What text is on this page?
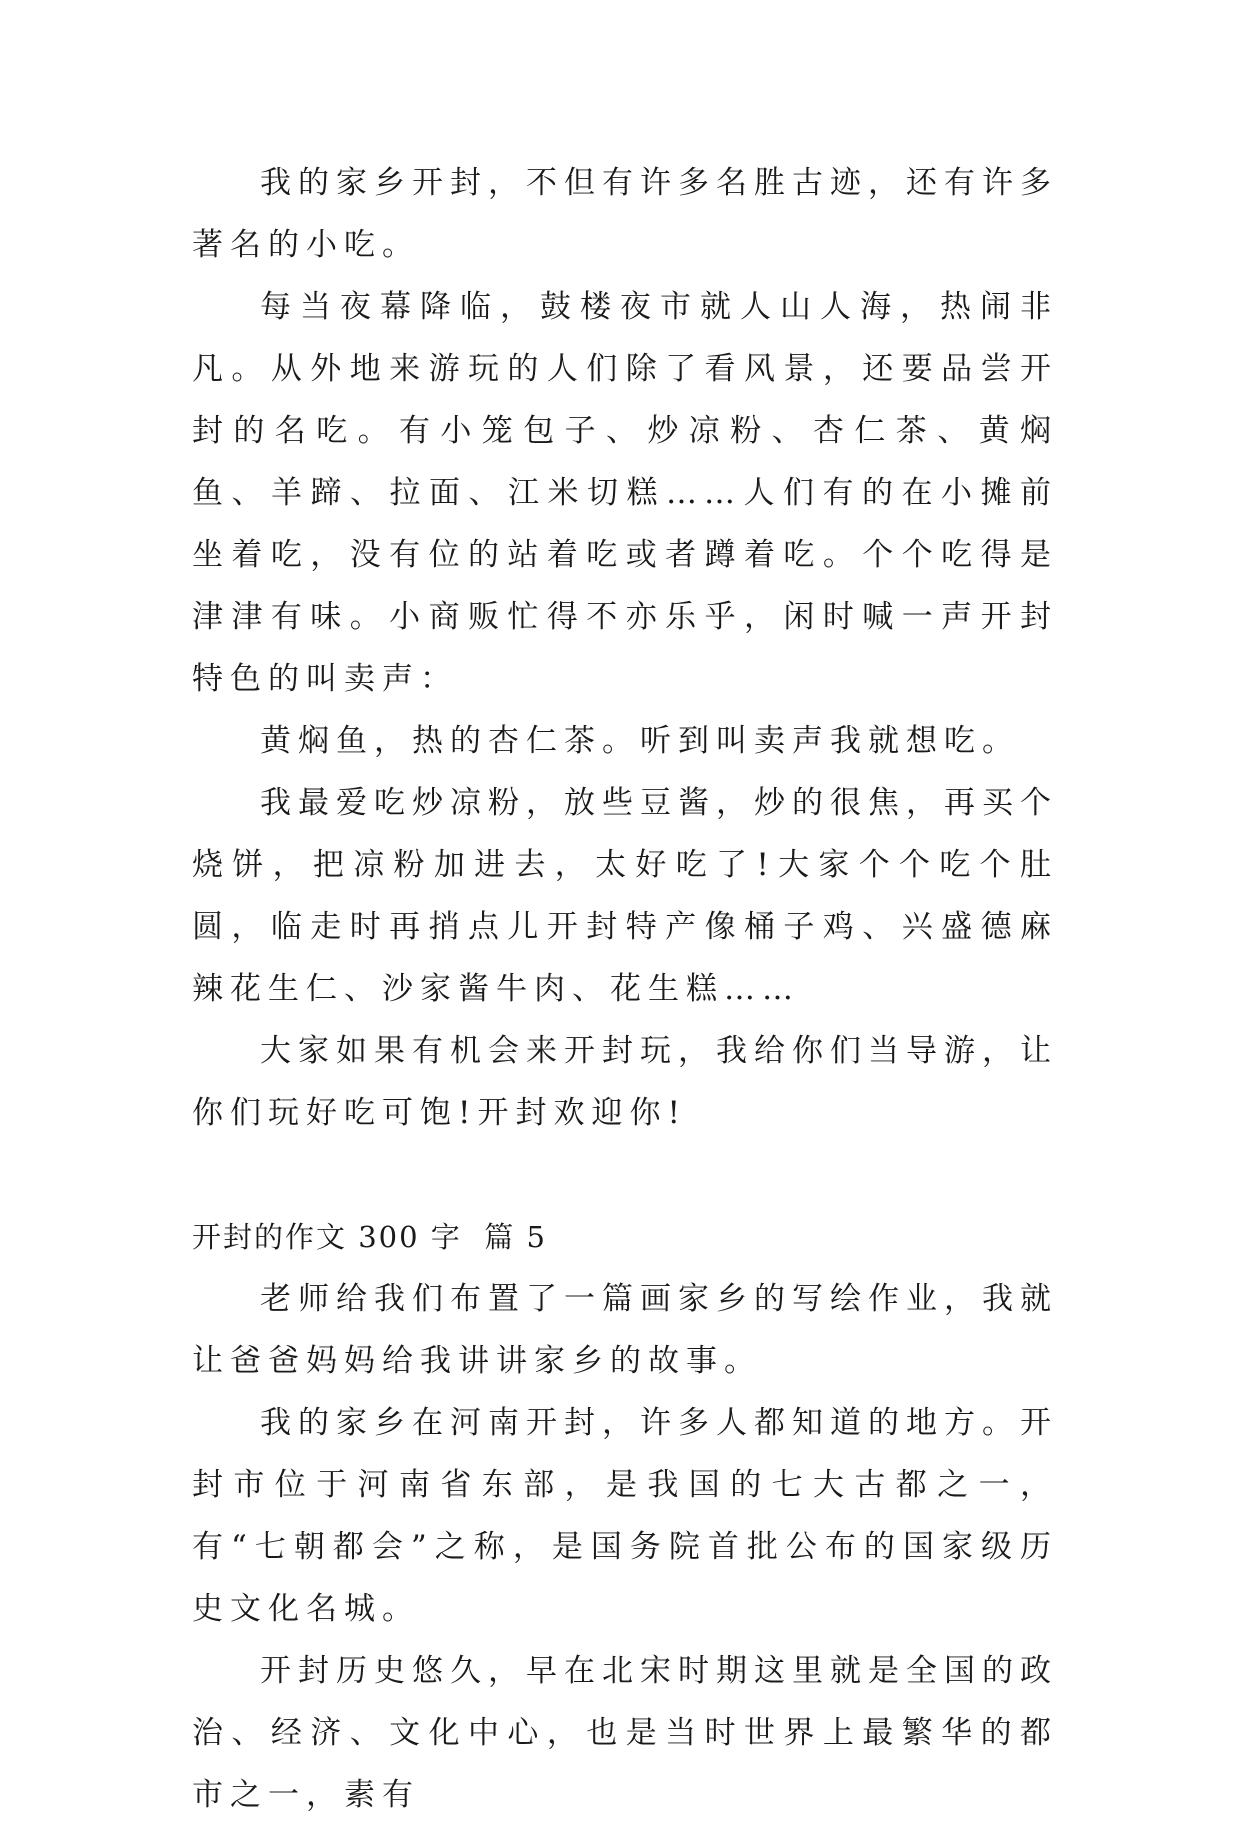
我的家乡开封，不但有许多名胜古迹，还有许多著名的小吃。

每当夜幕降临，鼓楼夜市就人山人海，热闹非凡。从外地来游玩的人们除了看风景，还要品尝开封的名吃。有小笼包子、炒凉粉、杏仁茶、黄焖鱼、羊蹄、拉面、江米切糕……人们有的在小摊前坐着吃，没有位的站着吃或者蹲着吃。个个吃得是津津有味。小商贩忙得不亦乐乎，闲时喊一声开封特色的叫卖声：

黄焖鱼，热的杏仁茶。听到叫卖声我就想吃。

我最爱吃炒凉粉，放些豆酱，炒的很焦，再买个烧饼，把凉粉加进去，太好吃了!大家个个吃个肚圆，临走时再捎点儿开封特产像桶子鸡、兴盛德麻辣花生仁、沙家酱牛肉、花生糕……

大家如果有机会来开封玩，我给你们当导游，让你们玩好吃可饱!开封欢迎你!

开封的作文 300 字  篇 5

老师给我们布置了一篇画家乡的写绘作业，我就让爸爸妈妈给我讲讲家乡的故事。

我的家乡在河南开封，许多人都知道的地方。开封市位于河南省东部，是我国的七大古都之一，有“七朝都会”之称，是国务院首批公布的国家级历史文化名城。

开封历史悠久，早在北宋时期这里就是全国的政治、经济、文化中心，也是当时世界上最繁华的都市之一，素有
